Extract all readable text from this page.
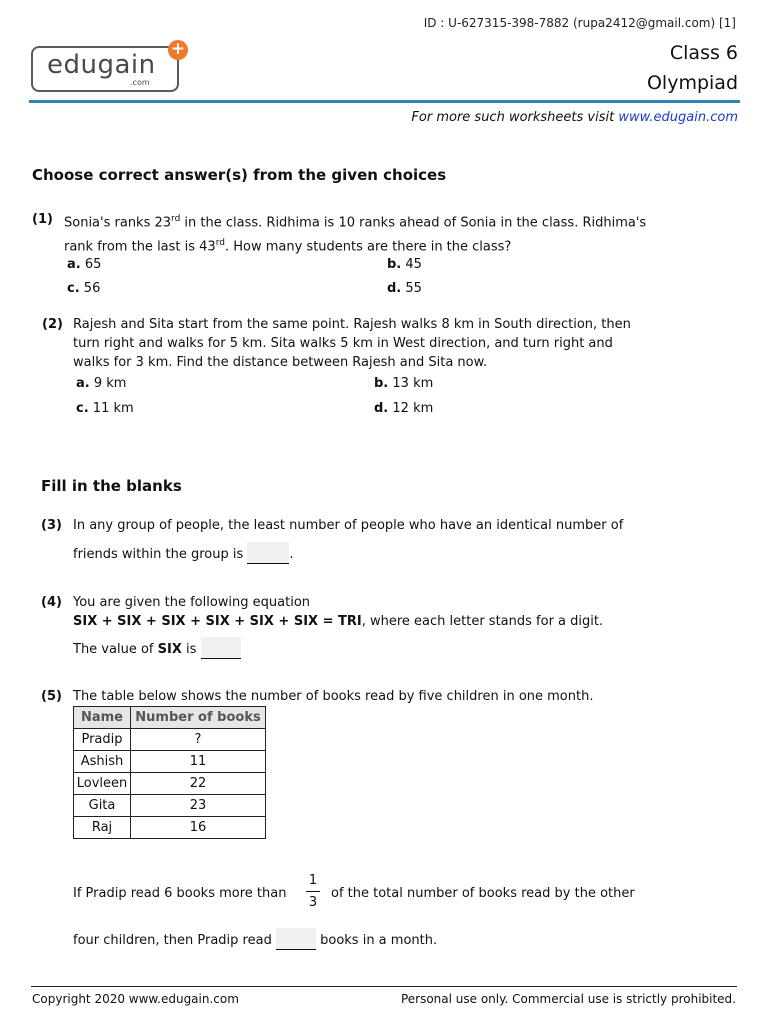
ID : U-627315-398-7882 (rupa2412@gmail.com) [1]
edugain
.com
+	Class 6
Olympiad
For more such worksheets visit www.edugain.com
Choose correct answer(s) from the given choices
(1) Sonia's ranks 23rd in the class. Ridhima is 10 ranks ahead of Sonia in the class. Ridhima's
rank from the last is 43rd. How many students are there in the class?
a. 65	b. 45
c. 56	d. 55
(2) Rajesh and Sita start from the same point. Rajesh walks 8 km in South direction, then
turn right and walks for 5 km. Sita walks 5 km in West direction, and turn right and
walks for 3 km. Find the distance between Rajesh and Sita now.
a. 9 km	b. 13 km
c. 11 km	d. 12 km
Fill in the blanks
(3) In any group of people, the least number of people who have an identical number of
friends within the group is	.
(4) You are given the following equation
SIX + SIX + SIX + SIX + SIX + SIX = TRI, where each letter stands for a digit.
The value of SIX is
(5) The table below shows the number of books read by five children in one month.
Name	Number of books
Pradip	?
Ashish	11
Lovleen	22
Gita	23
Raj	16
If Pradip read 6 books more than
1
3
of the total number of books read by the other
four children, then Pradip read	books in a month.
Copyright 2020 www.edugain.com	Personal use only. Commercial use is strictly prohibited.
